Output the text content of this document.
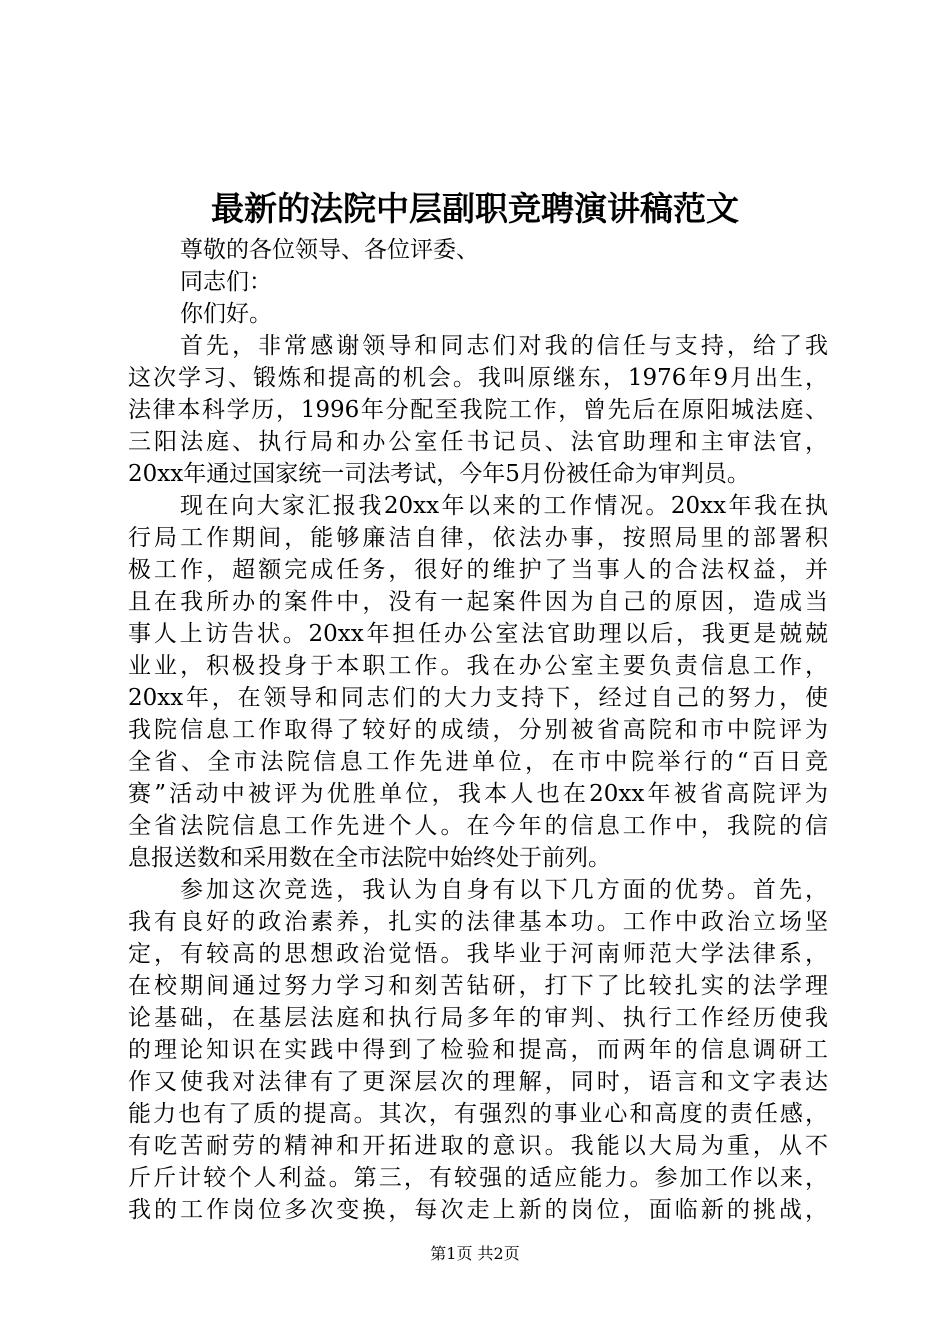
最新的法院中层副职竞聘演讲稿范文
尊敬的各位领导、各位评委、
同志们：
你们好。
首先，非常感谢领导和同志们对我的信任与支持，给了我
这次学习、锻炼和提高的机会。我叫原继东，1976年9月出生，
法律本科学历，1996年分配至我院工作，曾先后在原阳城法庭、
三阳法庭、执行局和办公室任书记员、法官助理和主审法官，
20xx年通过国家统一司法考试，今年5月份被任命为审判员。
现在向大家汇报我20xx年以来的工作情况。20xx年我在执
行局工作期间，能够廉洁自律，依法办事，按照局里的部署积
极工作，超额完成任务，很好的维护了当事人的合法权益，并
且在我所办的案件中，没有一起案件因为自己的原因，造成当
事人上访告状。20xx年担任办公室法官助理以后，我更是兢兢
业业，积极投身于本职工作。我在办公室主要负责信息工作，
20xx年，在领导和同志们的大力支持下，经过自己的努力，使
我院信息工作取得了较好的成绩，分别被省高院和市中院评为
全省、全市法院信息工作先进单位，在市中院举行的“百日竞
赛”活动中被评为优胜单位，我本人也在20xx年被省高院评为
全省法院信息工作先进个人。在今年的信息工作中，我院的信
息报送数和采用数在全市法院中始终处于前列。
参加这次竞选，我认为自身有以下几方面的优势。首先，
我有良好的政治素养，扎实的法律基本功。工作中政治立场坚
定，有较高的思想政治觉悟。我毕业于河南师范大学法律系，
在校期间通过努力学习和刻苦钻研，打下了比较扎实的法学理
论基础，在基层法庭和执行局多年的审判、执行工作经历使我
的理论知识在实践中得到了检验和提高，而两年的信息调研工
作又使我对法律有了更深层次的理解，同时，语言和文字表达
能力也有了质的提高。其次，有强烈的事业心和高度的责任感，
有吃苦耐劳的精神和开拓进取的意识。我能以大局为重，从不
斤斤计较个人利益。第三，有较强的适应能力。参加工作以来，
我的工作岗位多次变换，每次走上新的岗位，面临新的挑战，
第1页 共2页
